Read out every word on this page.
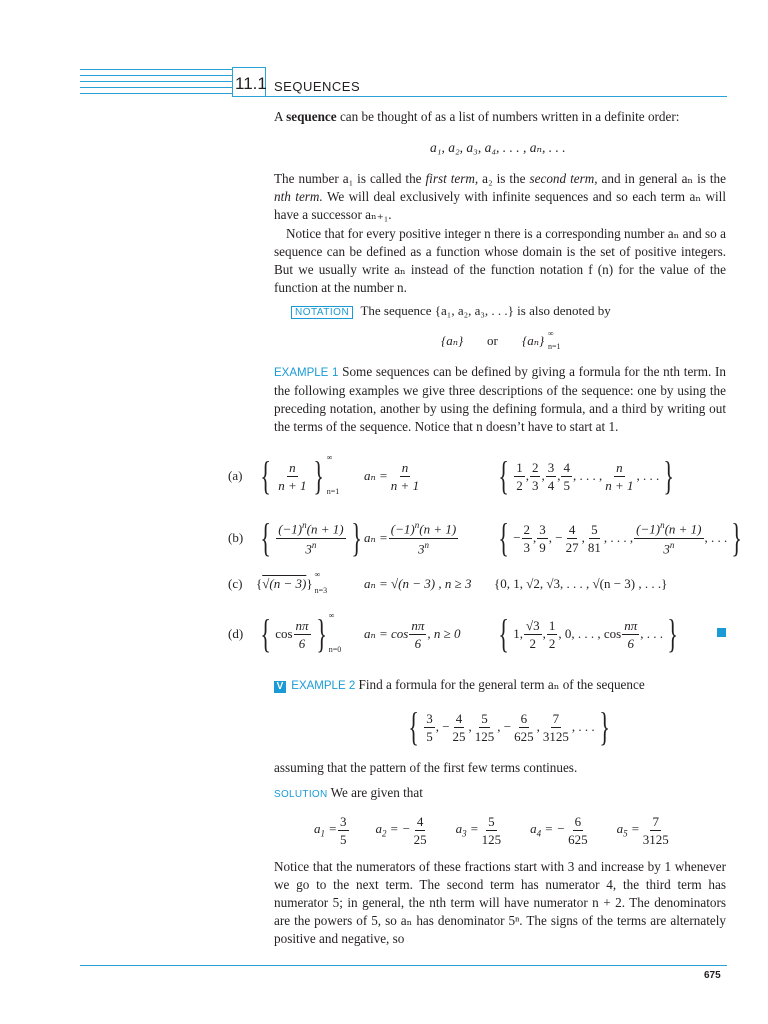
11.1 SEQUENCES
A sequence can be thought of as a list of numbers written in a definite order:
a₁, a₂, a₃, a₄, . . . , aₙ, . . .
The number a₁ is called the first term, a₂ is the second term, and in general aₙ is the nth term. We will deal exclusively with infinite sequences and so each term aₙ will have a successor aₙ₊₁.
Notice that for every positive integer n there is a corresponding number aₙ and so a sequence can be defined as a function whose domain is the set of positive integers. But we usually write aₙ instead of the function notation f (n) for the value of the function at the number n.
NOTATION The sequence {a₁, a₂, a₃, . . .} is also denoted by
{aₙ} or {aₙ} ∞
n=1
EXAMPLE 1 Some sequences can be defined by giving a formula for the nth term. In the following examples we give three descriptions of the sequence: one by using the preceding notation, another by using the defining formula, and a third by writing out the terms of the sequence. Notice that n doesn’t have to start at 1.
(a) { $\frac{n}{n + 1}$ } ∞
n=1
$a_n = \frac{n}{n + 1}$ { $\frac{1}{2}$ , $\frac{2}{3}$ , $\frac{3}{4}$ , $\frac{4}{5}$ , . . . , $\frac{n}{n + 1}$ , . . . }
(b) { $\frac{(-1)^n(n + 1)}{3^n}$ } $a_n = \frac{(-1)^n(n + 1)}{3^n}$ { − $\frac{2}{3}$ , $\frac{3}{9}$ , − $\frac{4}{27}$ , $\frac{5}{81}$ , . . . , $\frac{(-1)^n(n + 1)}{3^n}$ , . . . }
(c)	{ √(n − 3) }
∞
n=3	aₙ = √(n − 3) , n ≥ 3 {0, 1, √2, √3, . . . , √(n − 3) , . . .}
(d) { $\cos \frac{n\pi}{6}$ } ∞
n=0
$a_n = \cos \frac{n\pi}{6}$ , n ≥ 0 { 1, $\frac{√3}{2}$ , $\frac{1}{2}$ , 0, . . . , $\cos \frac{n\pi}{6}$ , . . . }
V EXAMPLE 2 Find a formula for the general term aₙ of the sequence
{ $\frac{3}{5}$ , − $\frac{4}{25}$ , $\frac{5}{125}$ , − $\frac{6}{625}$ , $\frac{7}{3125}$ , . . . }
assuming that the pattern of the first few terms continues.
SOLUTION We are given that
$a_1 = \frac{3}{5} a_2$ = − $\frac{4}{25} a_3 = \frac{5}{125} a_4$ = − $\frac{6}{625} a_5 = \frac{7}{3125}$
Notice that the numerators of these fractions start with 3 and increase by 1 whenever we go to the next term. The second term has numerator 4, the third term has numerator 5; in general, the nth term will have numerator n + 2. The denominators are the powers of 5, so aₙ has denominator 5ⁿ. The signs of the terms are alternately positive and negative, so
675
